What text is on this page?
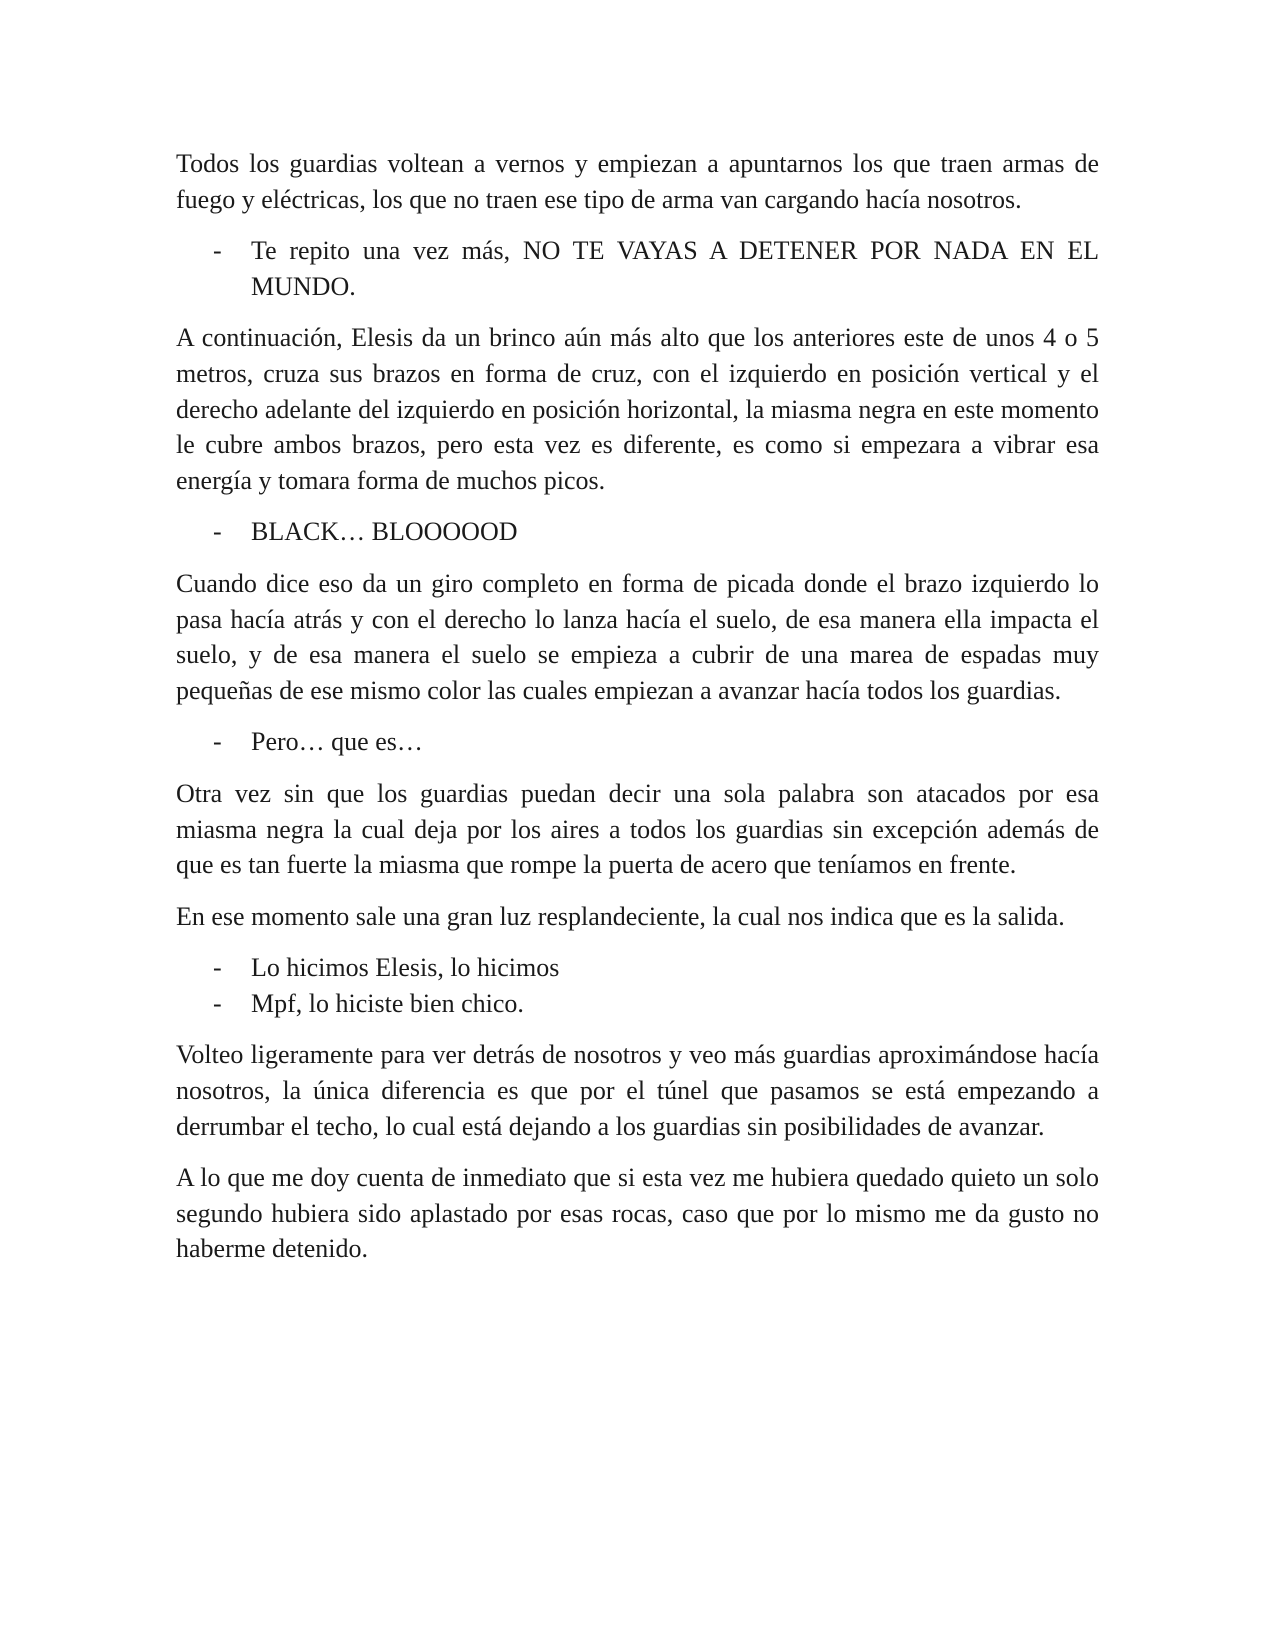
Todos los guardias voltean a vernos y empiezan a apuntarnos los que traen armas de fuego y eléctricas, los que no traen ese tipo de arma van cargando hacía nosotros.

- Te repito una vez más, NO TE VAYAS A DETENER POR NADA EN EL MUNDO.

A continuación, Elesis da un brinco aún más alto que los anteriores este de unos 4 o 5 metros, cruza sus brazos en forma de cruz, con el izquierdo en posición vertical y el derecho adelante del izquierdo en posición horizontal, la miasma negra en este momento le cubre ambos brazos, pero esta vez es diferente, es como si empezara a vibrar esa energía y tomara forma de muchos picos.

- BLACK… BLOOOOOD

Cuando dice eso da un giro completo en forma de picada donde el brazo izquierdo lo pasa hacía atrás y con el derecho lo lanza hacía el suelo, de esa manera ella impacta el suelo, y de esa manera el suelo se empieza a cubrir de una marea de espadas muy pequeñas de ese mismo color las cuales empiezan a avanzar hacía todos los guardias.

- Pero… que es…

Otra vez sin que los guardias puedan decir una sola palabra son atacados por esa miasma negra la cual deja por los aires a todos los guardias sin excepción además de que es tan fuerte la miasma que rompe la puerta de acero que teníamos en frente.

En ese momento sale una gran luz resplandeciente, la cual nos indica que es la salida.

- Lo hicimos Elesis, lo hicimos
- Mpf, lo hiciste bien chico.

Volteo ligeramente para ver detrás de nosotros y veo más guardias aproximándose hacía nosotros, la única diferencia es que por el túnel que pasamos se está empezando a derrumbar el techo, lo cual está dejando a los guardias sin posibilidades de avanzar.

A lo que me doy cuenta de inmediato que si esta vez me hubiera quedado quieto un solo segundo hubiera sido aplastado por esas rocas, caso que por lo mismo me da gusto no haberme detenido.
